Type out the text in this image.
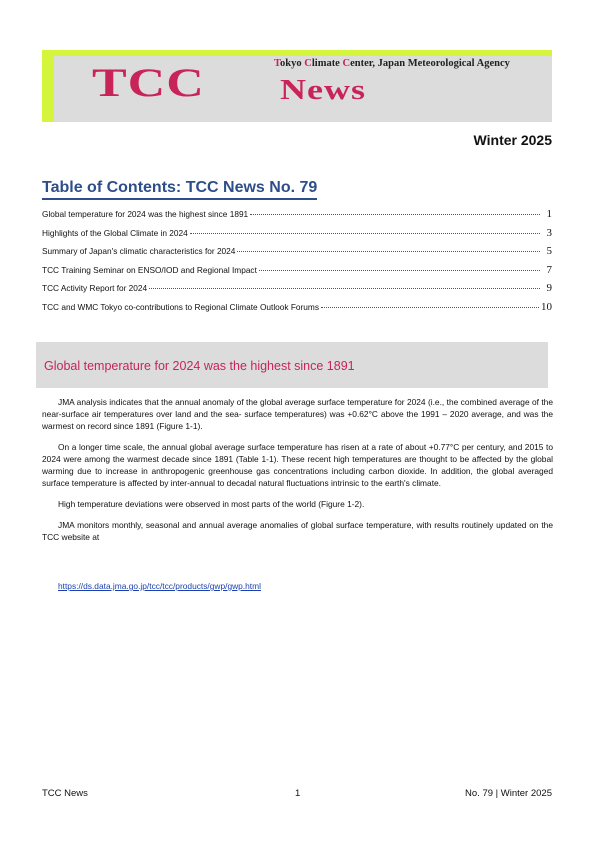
Tokyo Climate Center, Japan Meteorological Agency
TCC News
Winter 2025
Table of Contents: TCC News No. 79
Global temperature for 2024 was the highest since 1891	1
Highlights of the Global Climate in 2024	3
Summary of Japan's climatic characteristics for 2024	5
TCC Training Seminar on ENSO/IOD and Regional Impact	7
TCC Activity Report for 2024	9
TCC and WMC Tokyo co-contributions to Regional Climate Outlook Forums	10
Global temperature for 2024 was the highest since 1891

JMA analysis indicates that the annual anomaly of the global average surface temperature for 2024 (i.e., the combined average of the near-surface air temperatures over land and the sea- surface temperatures) was +0.62°C above the 1991 – 2020 average, and was the warmest on record since 1891 (Figure 1-1).

On a longer time scale, the annual global average surface temperature has risen at a rate of about +0.77°C per century, and 2015 to 2024 were among the warmest decade since 1891 (Table 1-1). These recent high temperatures are thought to be affected by the global warming due to increase in anthropogenic greenhouse gas concentrations including carbon dioxide. In addition, the global averaged surface temperature is affected by inter-annual to decadal natural fluctuations intrinsic to the earth's climate.

High temperature deviations were observed in most parts of the world (Figure 1-2).

JMA monitors monthly, seasonal and annual average anomalies of global surface temperature, with results routinely updated on the TCC website at

https://ds.data.jma.go.jp/tcc/tcc/products/gwp/gwp.html
TCC News	1	No. 79 | Winter 2025
